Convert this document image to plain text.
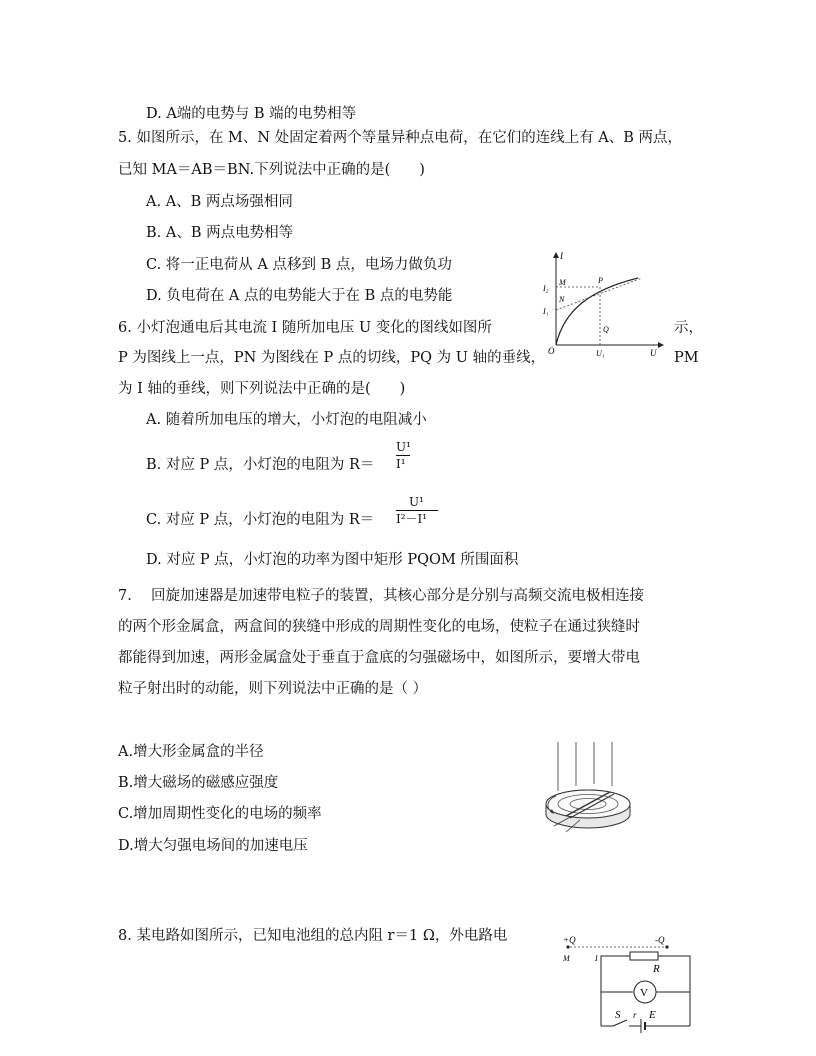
D. A端的电势与 B 端的电势相等
5. 如图所示，在 M、N 处固定着两个等量异种点电荷，在它们的连线上有 A、B 两点，
已知 MA＝AB＝BN.下列说法中正确的是(　　)
A. A、B 两点场强相同
B. A、B 两点电势相等
C. 将一正电荷从 A 点移到 B 点，电场力做负功
D. 负电荷在 A 点的电势能大于在 B 点的电势能
6. 小灯泡通电后其电流 I 随所加电压 U 变化的图线如图所	示，
P 为图线上一点，PN 为图线在 P 点的切线，PQ 为 U 轴的垂线，	PM
为 I 轴的垂线，则下列说法中正确的是(　　)
A. 随着所加电压的增大，小灯泡的电阻减小
B. 对应 P 点，小灯泡的电阻为 R＝
U¹
I¹
C. 对应 P 点，小灯泡的电阻为 R＝
U¹
I²－I¹
D. 对应 P 点，小灯泡的功率为图中矩形 PQOM 所围面积
I
U
O
I₂
I₁
M
N
P
Q
U₁
7.　 回旋加速器是加速带电粒子的装置，其核心部分是分别与高频交流电极相连接
的两个形金属盒，两盒间的狭缝中形成的周期性变化的电场，使粒子在通过狭缝时
都能得到加速，两形金属盒处于垂直于盒底的匀强磁场中，如图所示，要增大带电
粒子射出时的动能，则下列说法中正确的是（ ）
A.增大形金属盒的半径
B.增大磁场的磁感应强度
C.增加周期性变化的电场的频率
D.增大匀强电场间的加速电压
8. 某电路如图所示，已知电池组的总内阻 r＝1 Ω，外电路电	+Q	-Q
M	I
R
V
S r E
